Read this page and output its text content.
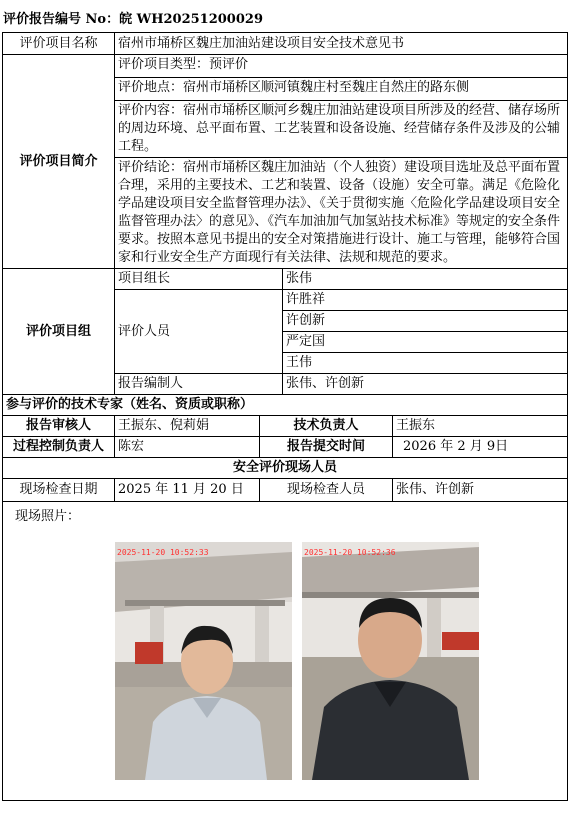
评价报告编号 No：皖 WH20251200029
评价项目名称	宿州市埇桥区魏庄加油站建设项目安全技术意见书			
评价项目简介	评价项目类型：预评价			
	评价地点：宿州市埇桥区顺河镇魏庄村至魏庄自然庄的路东侧			
	评价内容：宿州市埇桥区顺河乡魏庄加油站建设项目所涉及的经营、储存场所的周边环境、总平面布置、工艺装置和设备设施、经营储存条件及涉及的公辅工程。			
	评价结论：宿州市埇桥区魏庄加油站（个人独资）建设项目选址及总平面布置合理，采用的主要技术、工艺和装置、设备（设施）安全可靠。满足《危险化学品建设项目安全监督管理办法》、《关于贯彻实施〈危险化学品建设项目安全监督管理办法〉的意见》、《汽车加油加气加氢站技术标准》等规定的安全条件要求。按照本意见书提出的安全对策措施进行设计、施工与管理，能够符合国家和行业安全生产方面现行有关法律、法规和规范的要求。			
评价项目组	项目组长		张伟	
	评价人员		许胜祥	
			许创新	
			严定国	
			王伟	
	报告编制人		张伟、许创新	
参与评价的技术专家（姓名、资质或职称）				
报告审核人	王振东、倪莉娟	技术负责人		王振东
过程控制负责人	陈宏	报告提交时间		2026 年 2 月 9日
安全评价现场人员				
现场检查日期	2025 年 11 月 20 日	现场检查人员		张伟、许创新

现场照片：
2025-11-20 10:52:33 2025-11-20 10:52:36				
